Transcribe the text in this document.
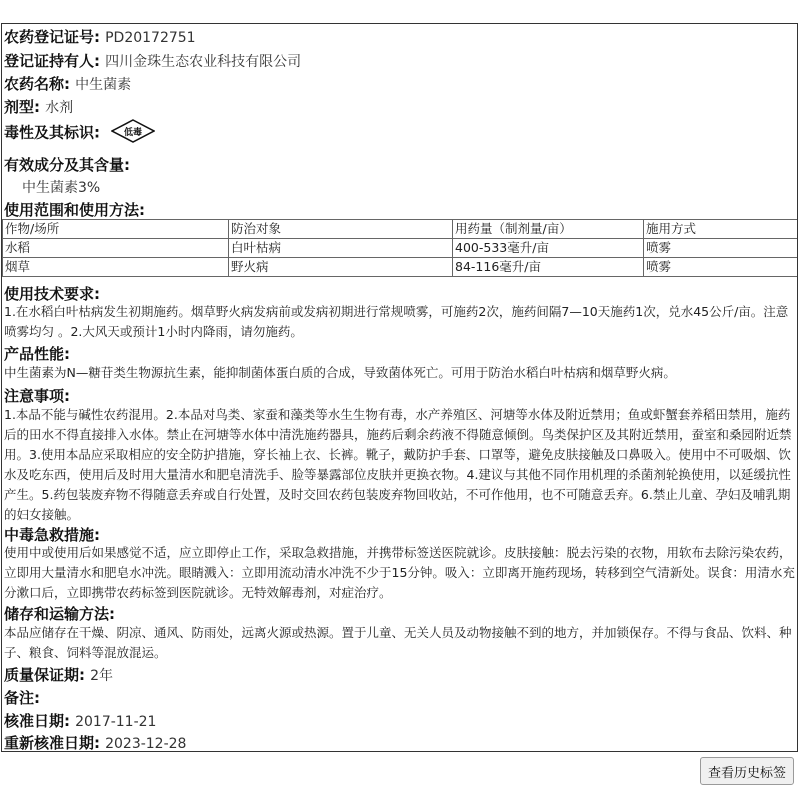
农药登记证号: PD20172751
登记证持有人: 四川金珠生态农业科技有限公司
农药名称: 中生菌素
剂型: 水剂
毒性及其标识:	低毒
有效成分及其含量:
中生菌素3%
使用范围和使用方法:
作物/场所	防治对象	用药量（制剂量/亩）	施用方式
水稻	白叶枯病	400-533毫升/亩	喷雾
烟草	野火病	84-116毫升/亩	喷雾
使用技术要求:
1.在水稻白叶枯病发生初期施药。烟草野火病发病前或发病初期进行常规喷雾，可施药2次，施药间隔7—10天施药1次，兑水45公斤/亩。注意喷雾均匀 。2.大风天或预计1小时内降雨，请勿施药。
产品性能:
中生菌素为N—糖苷类生物源抗生素，能抑制菌体蛋白质的合成，导致菌体死亡。可用于防治水稻白叶枯病和烟草野火病。
注意事项:
1.本品不能与碱性农药混用。2.本品对鸟类、家蚕和藻类等水生生物有毒，水产养殖区、河塘等水体及附近禁用；鱼或虾蟹套养稻田禁用，施药后的田水不得直接排入水体。禁止在河塘等水体中清洗施药器具，施药后剩余药液不得随意倾倒。鸟类保护区及其附近禁用，蚕室和桑园附近禁用。3.使用本品应采取相应的安全防护措施，穿长袖上衣、长裤。靴子，戴防护手套、口罩等，避免皮肤接触及口鼻吸入。使用中不可吸烟、饮水及吃东西，使用后及时用大量清水和肥皂清洗手、脸等暴露部位皮肤并更换衣物。4.建议与其他不同作用机理的杀菌剂轮换使用，以延缓抗性产生。5.药包装废弃物不得随意丢弃或自行处置，及时交回农药包装废弃物回收站，不可作他用，也不可随意丢弃。6.禁止儿童、孕妇及哺乳期的妇女接触。
中毒急救措施:
使用中或使用后如果感觉不适，应立即停止工作，采取急救措施，并携带标签送医院就诊。皮肤接触：脱去污染的衣物，用软布去除污染农药，立即用大量清水和肥皂水冲洗。眼睛溅入：立即用流动清水冲洗不少于15分钟。吸入：立即离开施药现场，转移到空气清新处。误食：用清水充分漱口后，立即携带农药标签到医院就诊。无特效解毒剂，对症治疗。
储存和运输方法:
本品应储存在干燥、阴凉、通风、防雨处，远离火源或热源。置于儿童、无关人员及动物接触不到的地方，并加锁保存。不得与食品、饮料、种子、粮食、饲料等混放混运。
质量保证期: 2年
备注:
核准日期: 2017-11-21
重新核准日期: 2023-12-28
查看历史标签
